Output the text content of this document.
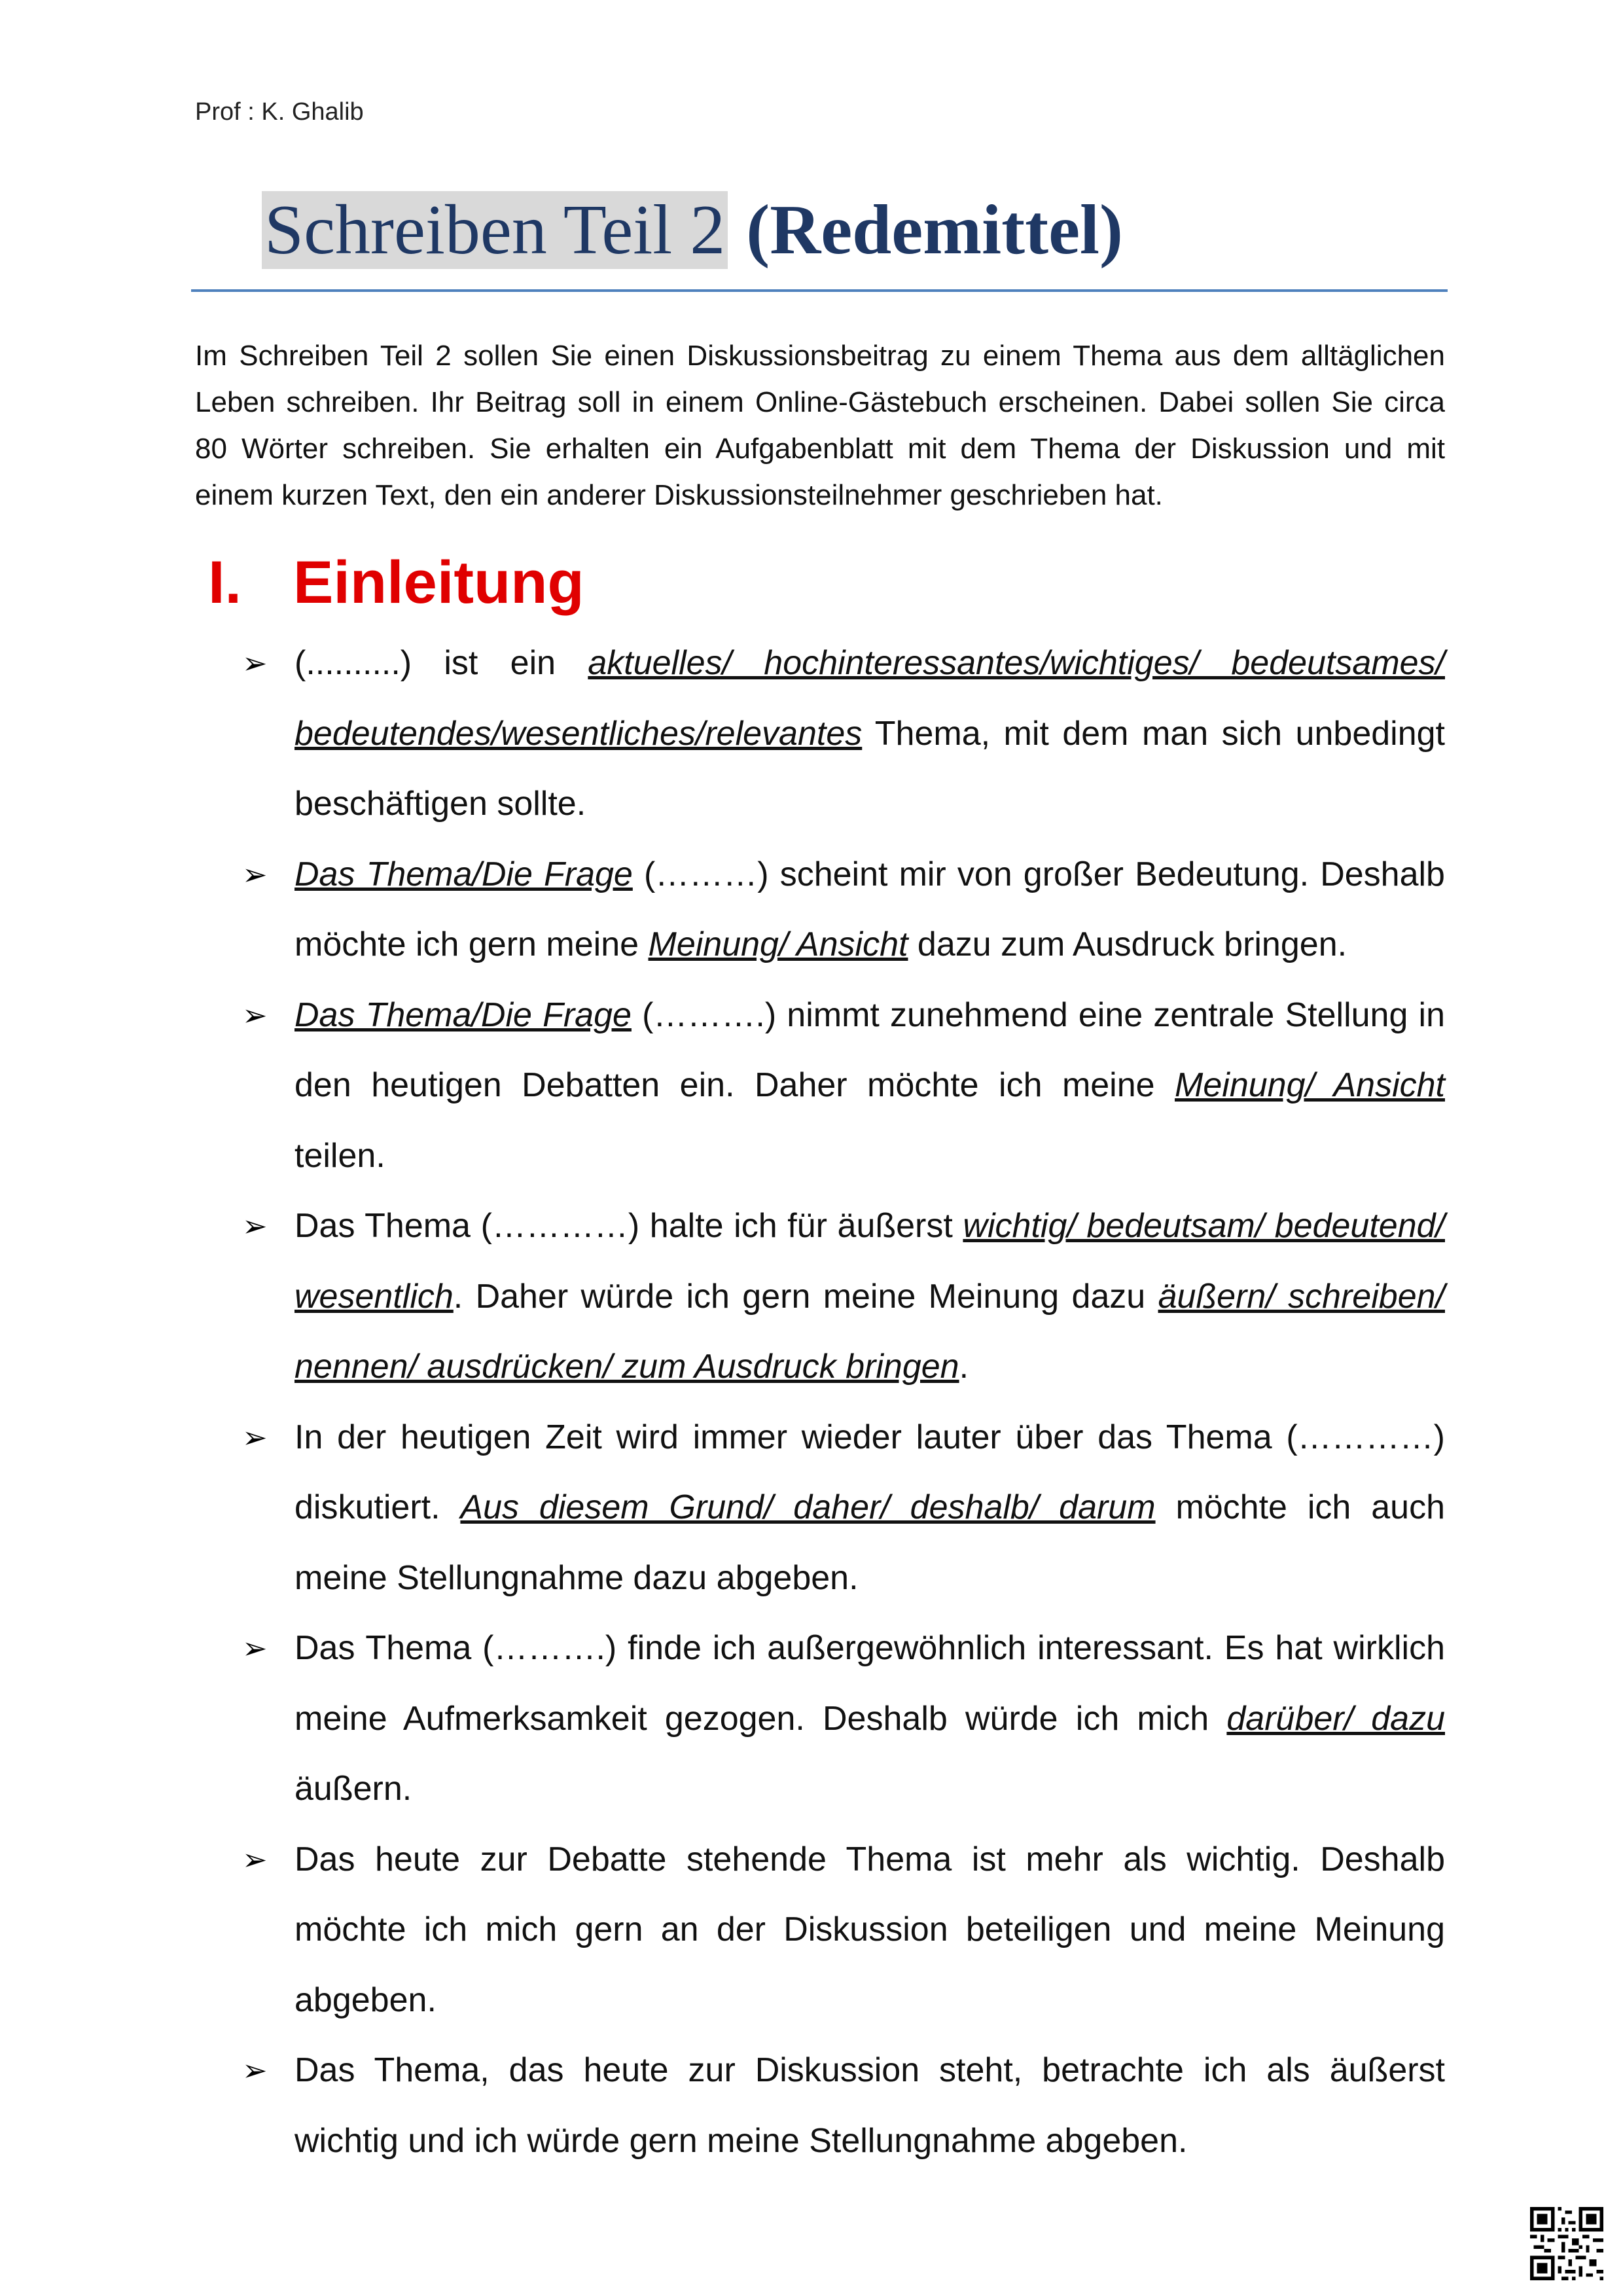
Prof : K. Ghalib
Schreiben Teil 2 (Redemittel)
Im Schreiben Teil 2 sollen Sie einen Diskussionsbeitrag zu einem Thema aus dem alltäglichen Leben schreiben. Ihr Beitrag soll in einem Online-Gästebuch erscheinen. Dabei sollen Sie circa 80 Wörter schreiben. Sie erhalten ein Aufgabenblatt mit dem Thema der Diskussion und mit einem kurzen Text, den ein anderer Diskussionsteilnehmer geschrieben hat.
I. Einleitung
➢ (..........) ist ein aktuelles/ hochinteressantes/wichtiges/ bedeutsames/ bedeutendes/wesentliches/relevantes Thema, mit dem man sich unbedingt beschäftigen sollte.
➢ Das Thema/Die Frage (………) scheint mir von großer Bedeutung. Deshalb möchte ich gern meine Meinung/ Ansicht dazu zum Ausdruck bringen.
➢ Das Thema/Die Frage (……….) nimmt zunehmend eine zentrale Stellung in den heutigen Debatten ein. Daher möchte ich meine Meinung/ Ansicht teilen.
➢ Das Thema (…………) halte ich für äußerst wichtig/ bedeutsam/ bedeutend/ wesentlich. Daher würde ich gern meine Meinung dazu äußern/ schreiben/ nennen/ ausdrücken/ zum Ausdruck bringen.
➢ In der heutigen Zeit wird immer wieder lauter über das Thema (…………) diskutiert. Aus diesem Grund/ daher/ deshalb/ darum möchte ich auch meine Stellungnahme dazu abgeben.
➢ Das Thema (……….) finde ich außergewöhnlich interessant. Es hat wirklich meine Aufmerksamkeit gezogen. Deshalb würde ich mich darüber/ dazu äußern.
➢ Das heute zur Debatte stehende Thema ist mehr als wichtig. Deshalb möchte ich mich gern an der Diskussion beteiligen und meine Meinung abgeben.
➢ Das Thema, das heute zur Diskussion steht, betrachte ich als äußerst wichtig und ich würde gern meine Stellungnahme abgeben.
